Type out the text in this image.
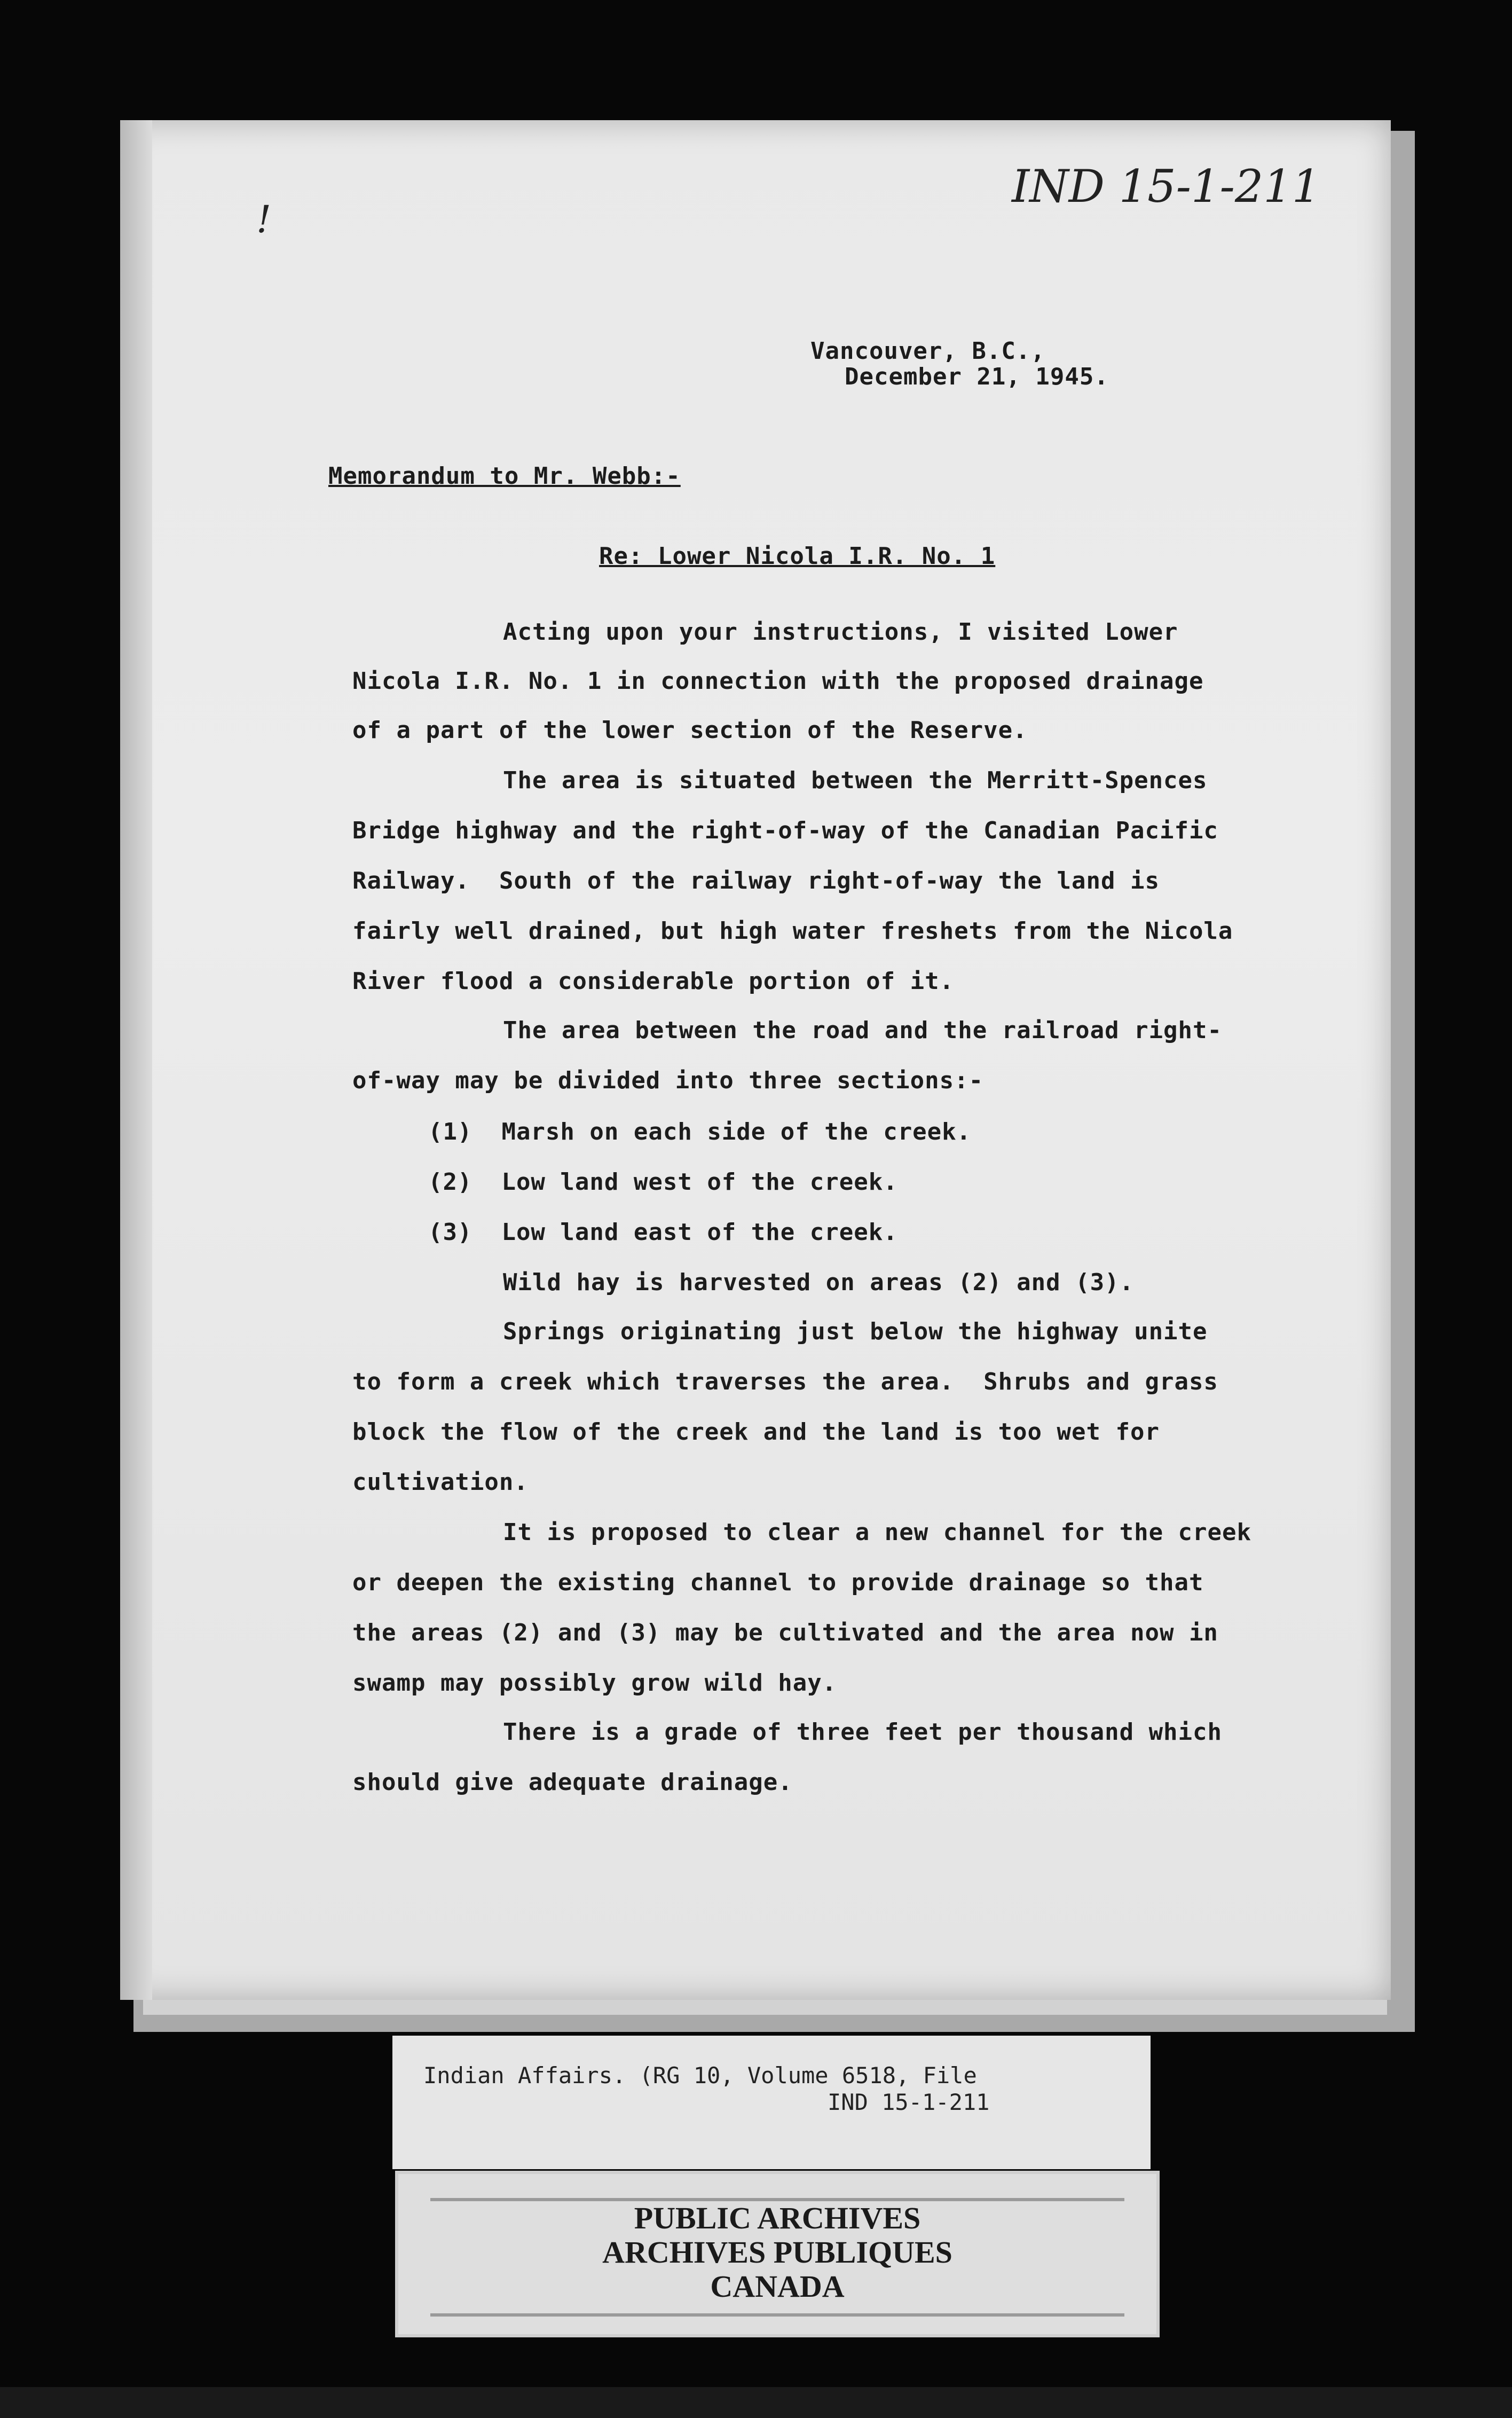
IND 15-1-211
!
Vancouver, B.C.,
December 21, 1945.
Memorandum to Mr. Webb:-
Re: Lower Nicola I.R. No. 1
Acting upon your instructions, I visited Lower
Nicola I.R. No. 1 in connection with the proposed drainage
of a part of the lower section of the Reserve.
The area is situated between the Merritt-Spences
Bridge highway and the right-of-way of the Canadian Pacific
Railway.  South of the railway right-of-way the land is
fairly well drained, but high water freshets from the Nicola
River flood a considerable portion of it.
The area between the road and the railroad right-
of-way may be divided into three sections:-
(1)  Marsh on each side of the creek.
(2)  Low land west of the creek.
(3)  Low land east of the creek.
Wild hay is harvested on areas (2) and (3).
Springs originating just below the highway unite
to form a creek which traverses the area.  Shrubs and grass
block the flow of the creek and the land is too wet for
cultivation.
It is proposed to clear a new channel for the creek
or deepen the existing channel to provide drainage so that
the areas (2) and (3) may be cultivated and the area now in
swamp may possibly grow wild hay.
There is a grade of three feet per thousand which
should give adequate drainage.
Indian Affairs. (RG 10, Volume 6518, File
IND 15-1-211
PUBLIC ARCHIVES
ARCHIVES PUBLIQUES
CANADA
